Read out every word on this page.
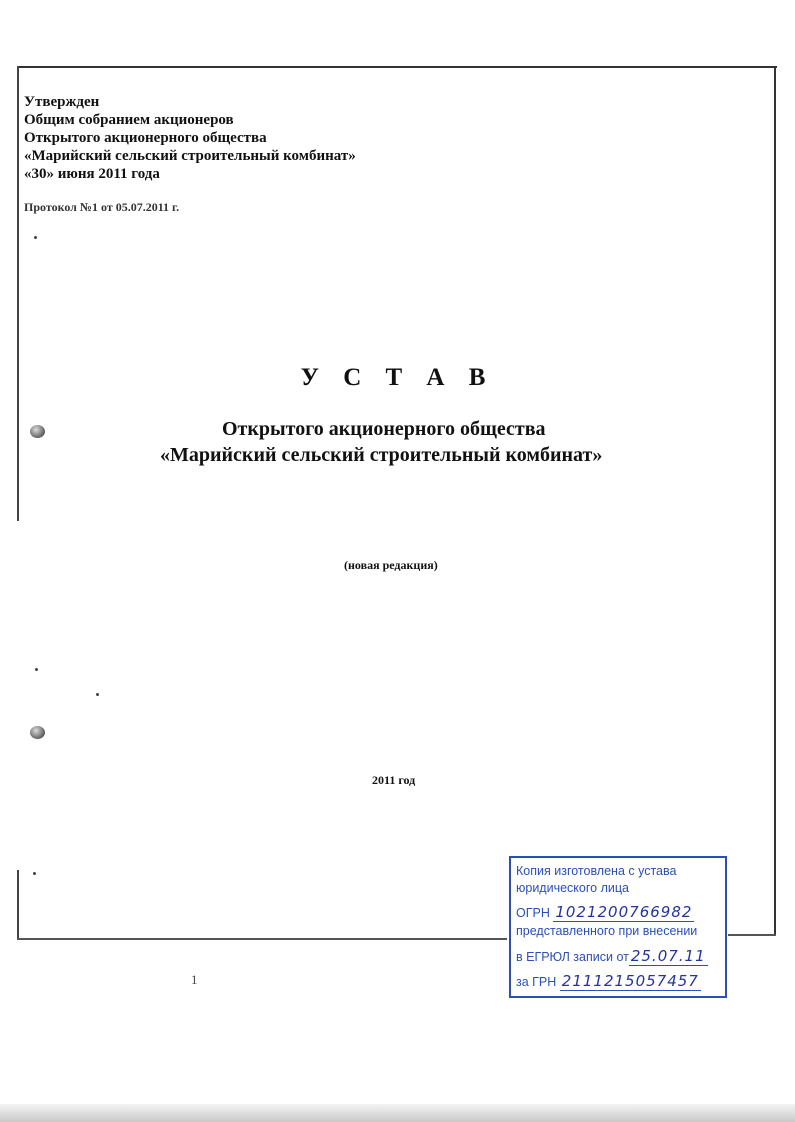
Утвержден
Общим собранием акционеров
Открытого акционерного общества
«Марийский сельский строительный комбинат»
«30» июня 2011 года
Протокол №1 от 05.07.2011 г.
У С Т А В
Открытого акционерного общества
«Марийский сельский строительный комбинат»
(новая редакция)
2011 год
1
Копия изготовлена с устава
юридического лица
ОГРН 1021200766982
представленного при внесении
в ЕГРЮЛ записи от 25.07.11
за ГРН 2111215057457
